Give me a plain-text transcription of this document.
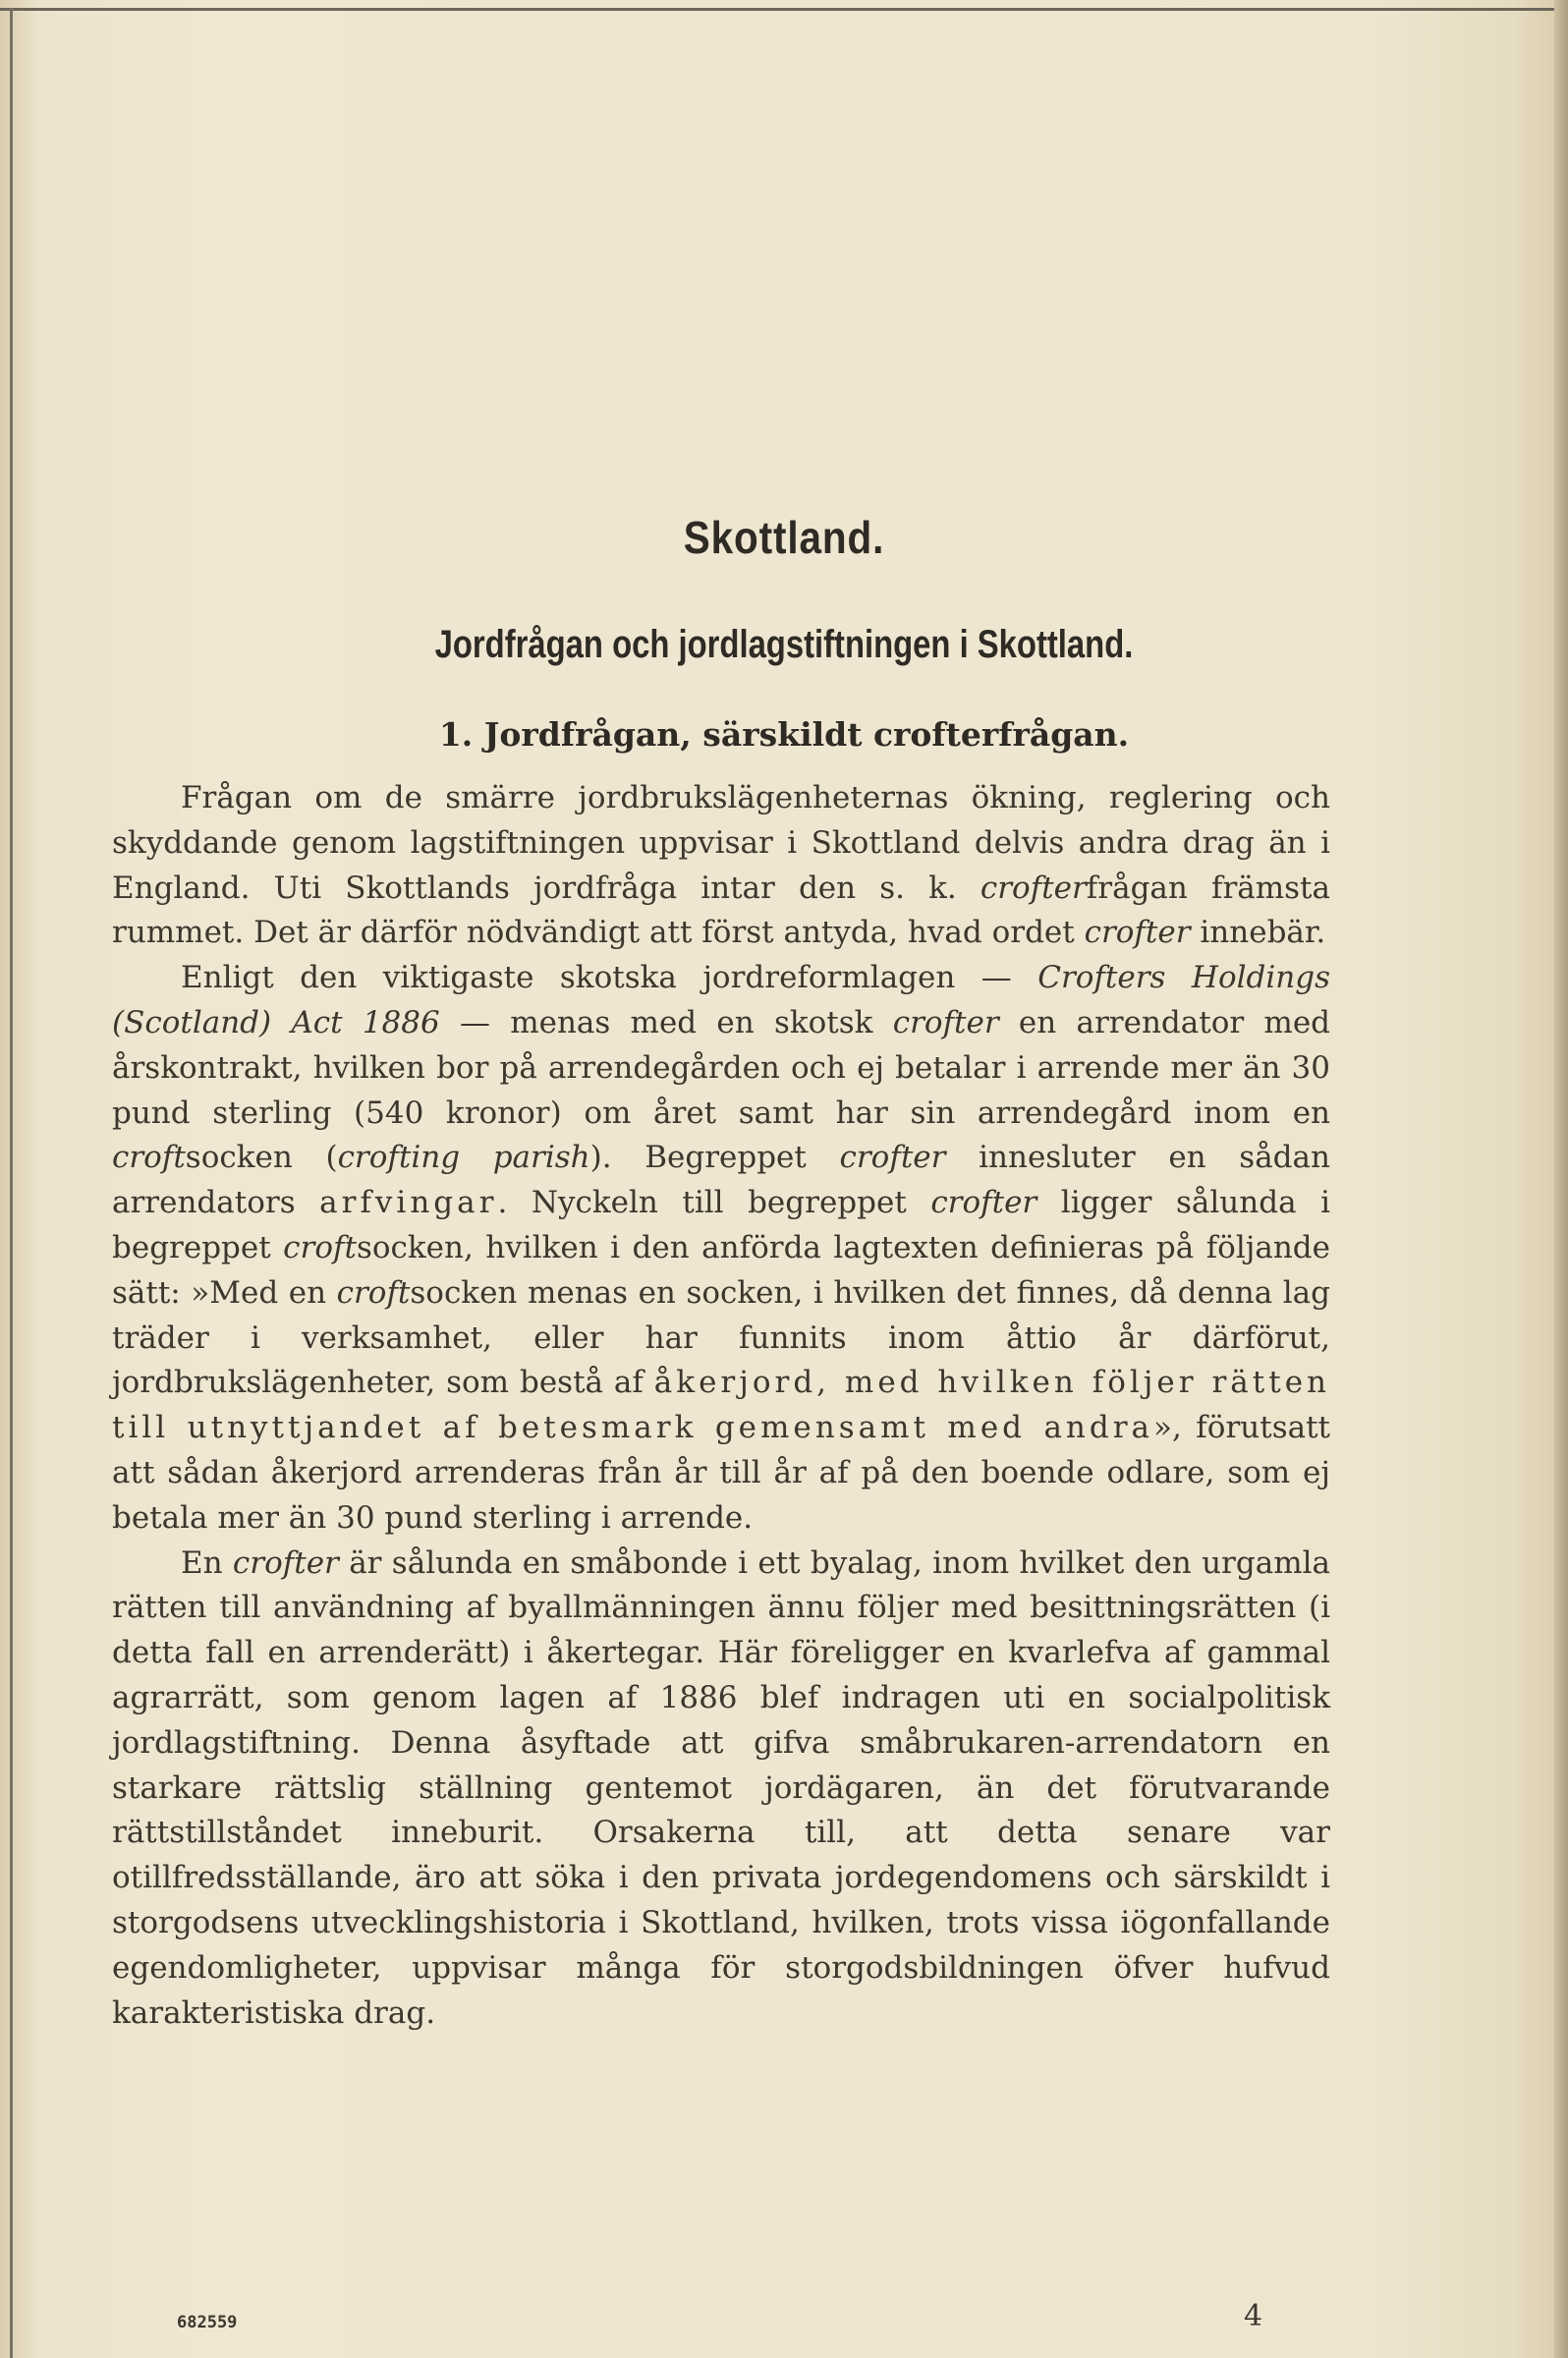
Skottland.
Jordfrågan och jordlagstiftningen i Skottland.
1. Jordfrågan, särskildt crofterfrågan.

Frågan om de smärre jordbrukslägenheternas ökning, reglering och skyddande genom lagstiftningen uppvisar i Skottland delvis andra drag än i England. Uti Skottlands jordfråga intar den s. k. crofterfrågan främsta rummet. Det är därför nödvändigt att först antyda, hvad ordet crofter innebär.

Enligt den viktigaste skotska jordreformlagen — Crofters Holdings (Scotland) Act 1886 — menas med en skotsk crofter en arrendator med årskontrakt, hvilken bor på arrendegården och ej betalar i arrende mer än 30 pund sterling (540 kronor) om året samt har sin arrendegård inom en croftsocken (crofting parish). Begreppet crofter innesluter en sådan arrendators arfvingar. Nyckeln till begreppet crofter ligger sålunda i begreppet croftsocken, hvilken i den anförda lagtexten definieras på följande sätt: »Med en croftsocken menas en socken, i hvilken det finnes, då denna lag träder i verksamhet, eller har funnits inom åttio år därförut, jordbrukslägenheter, som bestå af åkerjord, med hvilken följer rätten till utnyttjandet af betesmark gemensamt med andra», förutsatt att sådan åkerjord arrenderas från år till år af på den boende odlare, som ej betala mer än 30 pund sterling i arrende.

En crofter är sålunda en småbonde i ett byalag, inom hvilket den urgamla rätten till användning af byallmänningen ännu följer med besittningsrätten (i detta fall en arrenderätt) i åkertegar. Här föreligger en kvarlefva af gammal agrarrätt, som genom lagen af 1886 blef indragen uti en socialpolitisk jordlagstiftning. Denna åsyftade att gifva småbrukaren-arrendatorn en starkare rättslig ställning gentemot jordägaren, än det förutvarande rättstillståndet inneburit. Orsakerna till, att detta senare var otillfredsställande, äro att söka i den privata jordegendomens och särskildt i storgodsens utvecklingshistoria i Skottland, hvilken, trots vissa iögonfallande egendomligheter, uppvisar många för storgodsbildningen öfver hufvud karakteristiska drag.

682559	4
